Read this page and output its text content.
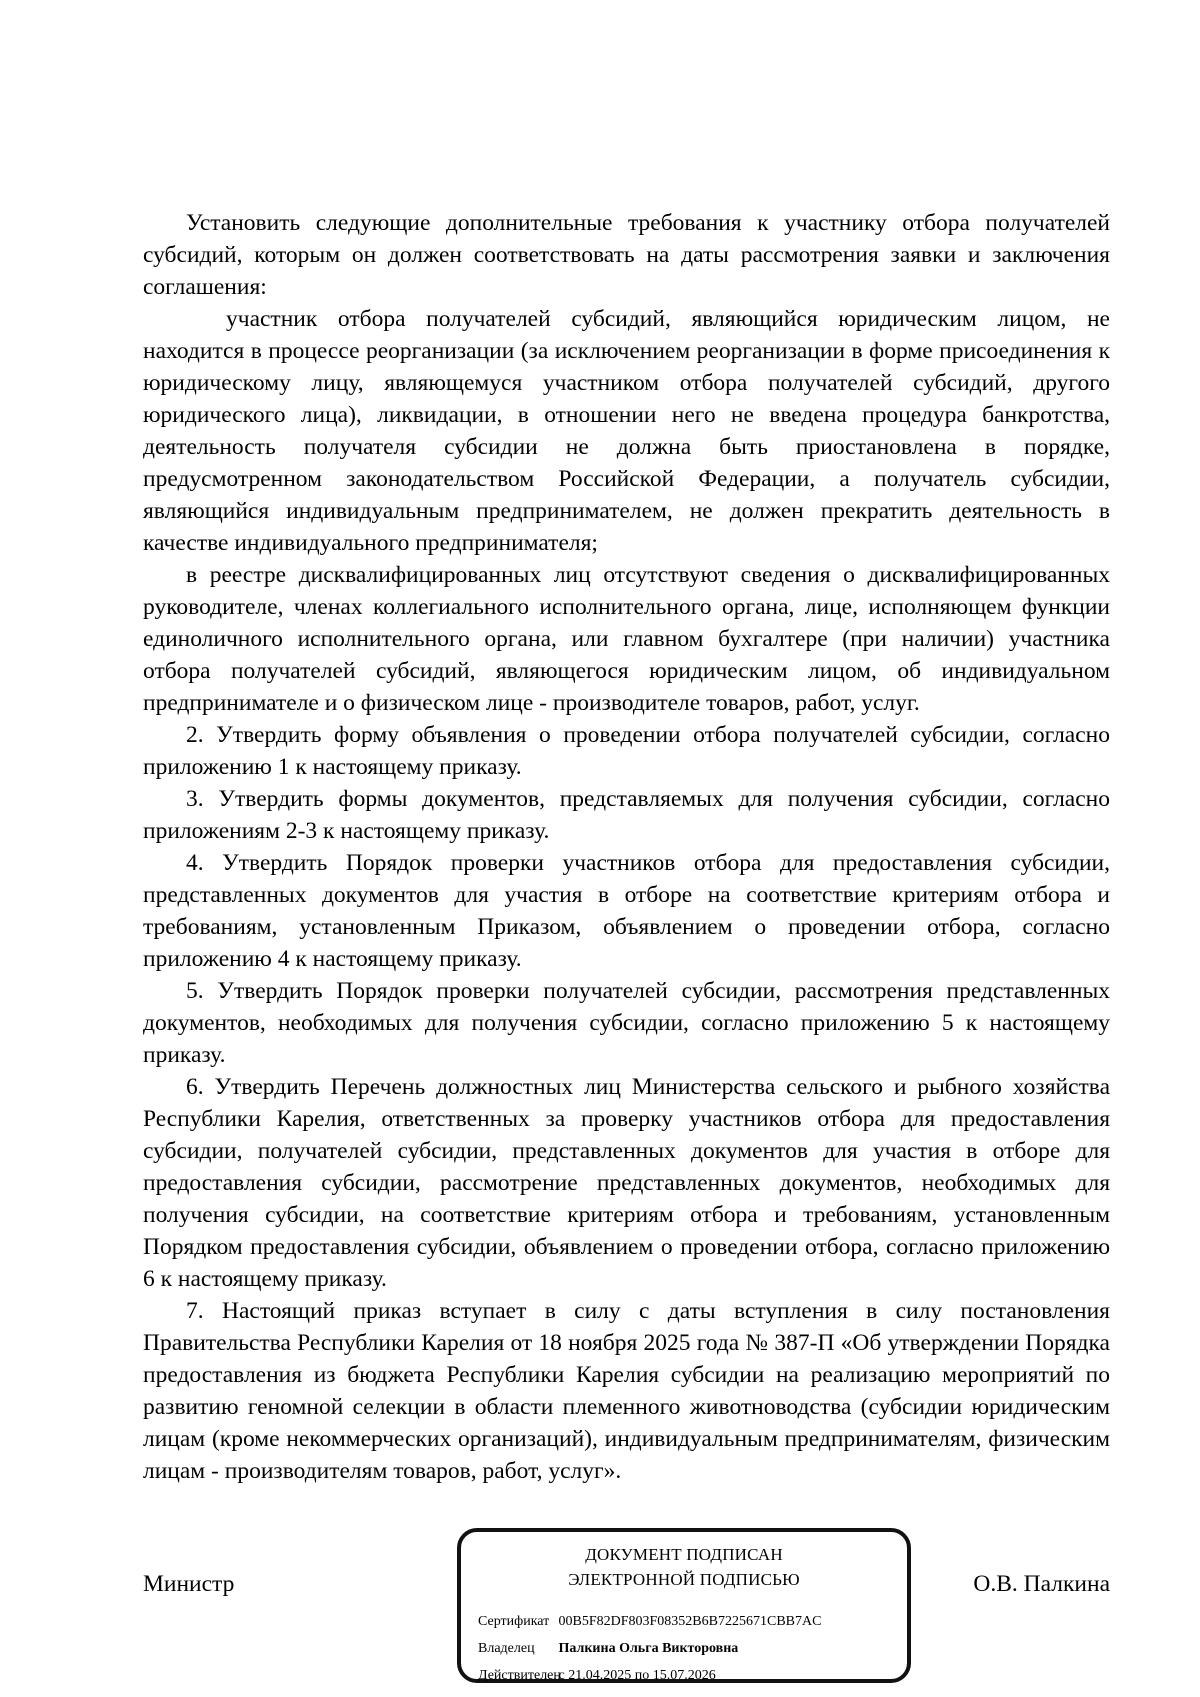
Установить следующие дополнительные требования к участнику отбора получателей субсидий, которым он должен соответствовать на даты рассмотрения заявки и заключения соглашения:

участник отбора получателей субсидий, являющийся юридическим лицом, не находится в процессе реорганизации (за исключением реорганизации в форме присоединения к юридическому лицу, являющемуся участником отбора получателей субсидий, другого юридического лица), ликвидации, в отношении него не введена процедура банкротства, деятельность получателя субсидии не должна быть приостановлена в порядке, предусмотренном законодательством Российской Федерации, а получатель субсидии, являющийся индивидуальным предпринимателем, не должен прекратить деятельность в качестве индивидуального предпринимателя;

в реестре дисквалифицированных лиц отсутствуют сведения о дисквалифицированных руководителе, членах коллегиального исполнительного органа, лице, исполняющем функции единоличного исполнительного органа, или главном бухгалтере (при наличии) участника отбора получателей субсидий, являющегося юридическим лицом, об индивидуальном предпринимателе и о физическом лице - производителе товаров, работ, услуг.

2. Утвердить форму объявления о проведении отбора получателей субсидии, согласно приложению 1 к настоящему приказу.

3. Утвердить формы документов, представляемых для получения субсидии, согласно приложениям 2-3 к настоящему приказу.

4. Утвердить Порядок проверки участников отбора для предоставления субсидии, представленных документов для участия в отборе на соответствие критериям отбора и требованиям, установленным Приказом, объявлением о проведении отбора, согласно приложению 4 к настоящему приказу.

5. Утвердить Порядок проверки получателей субсидии, рассмотрения представленных документов, необходимых для получения субсидии, согласно приложению 5 к настоящему приказу.

6. Утвердить Перечень должностных лиц Министерства сельского и рыбного хозяйства Республики Карелия, ответственных за проверку участников отбора для предоставления субсидии, получателей субсидии, представленных документов для участия в отборе для предоставления субсидии, рассмотрение представленных документов, необходимых для получения субсидии, на соответствие критериям отбора и требованиям, установленным Порядком предоставления субсидии, объявлением о проведении отбора, согласно приложению 6 к настоящему приказу.

7. Настоящий приказ вступает в силу с даты вступления в силу постановления Правительства Республики Карелия от 18 ноября 2025 года № 387-П «Об утверждении Порядка предоставления из бюджета Республики Карелия субсидии на реализацию мероприятий по развитию геномной селекции в области племенного животноводства (субсидии юридическим лицам (кроме некоммерческих организаций), индивидуальным предпринимателям, физическим лицам - производителям товаров, работ, услуг».

Министр	О.В. Палкина
ДОКУМЕНТ ПОДПИСАН
ЭЛЕКТРОННОЙ ПОДПИСЬЮ
Сертификат 00B5F82DF803F08352B6B7225671CBB7AC
Владелец Палкина Ольга Викторовна
Действителен с 21.04.2025 по 15.07.2026
